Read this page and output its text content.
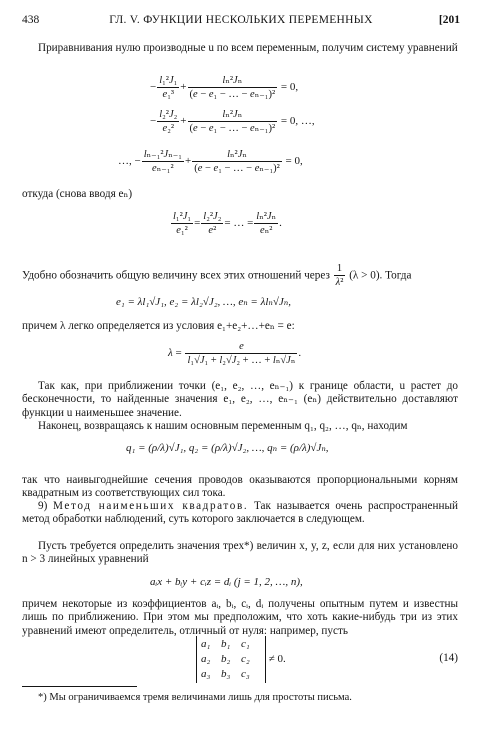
438	ГЛ. V. ФУНКЦИИ НЕСКОЛЬКИХ ПЕРЕМЕННЫХ	[201
Приравнивания нулю производные u по всем переменным, получим систему уравнений
− $\frac{\text{l₁²J₁}}{\text{e₁³}} + \frac{\text{lₙ²Jₙ}}{\text{(e − e₁ − … − eₙ₋₁)²}} = 0$,
− $\frac{\text{l₂²J₂}}{\text{e₂²}} + \frac{\text{lₙ²Jₙ}}{\text{(e − e₁ − … − eₙ₋₁)²}} = 0$, …,
…, − $\frac{\text{lₙ₋₁²Jₙ₋₁}}{\text{eₙ₋₁²}} + \frac{\text{lₙ²Jₙ}}{\text{(e − e₁ − … − eₙ₋₁)²}} = 0$,
откуда (снова вводя eₙ)
$\frac{\text{l₁²J₁}}{\text{e₁²}} = \frac{\text{l₂²J₂}}{\text{e²}}$ = … = $\frac{\text{lₙ²Jₙ}}{\text{eₙ²}}$ .
Удобно обозначить общую величину всех этих отношений через $\frac{1}{\text{λ²}} (\lambda > 0)$. Тогда
e₁ = λl₁√J₁, e₂ = λl₂√J₂, …, eₙ = λlₙ√Jₙ,
причем λ легко определяется из условия e₁+e₂+…+eₙ = e:
$\lambda = \frac{e}{\text{l₁√J₁ + l₂√J₂ + … + lₙ√Jₙ}}$ .
Так как, при приближении точки (e₁, e₂, …, eₙ₋₁) к границе области, u растет до бесконечности, то найденные значения e₁, e₂, …, eₙ₋₁ (eₙ) действительно доставляют функции u наименьшее значение.
Наконец, возвращаясь к нашим основным переменным q₁, q₂, …, qₙ, находим
q₁ = (ρ/λ)√J₁, q₂ = (ρ/λ)√J₂, …, qₙ = (ρ/λ)√Jₙ,
так что наивыгоднейшие сечения проводов оказываются пропорциональными корням квадратным из соответствующих сил тока.
9) Метод наименьших квадратов. Так называется очень распространенный метод обработки наблюдений, суть которого заключается в следующем.
Пусть требуется определить значения трех*) величин x, y, z, если для них установлено n > 3 линейных уравнений
aᵢx + bᵢy + cᵢz = dᵢ (j = 1, 2, …, n),
причем некоторые из коэффициентов aᵢ, bᵢ, cᵢ, dᵢ получены опытным путем и известны лишь по приближению. При этом мы предположим, что хоть какие-нибудь три из этих уравнений имеют определитель, отличный от нуля: например, пусть
a₁ b₁ c₁
a₂ b₂ c₂
a₃ b₃ c₃ ≠ 0.	(14)
*) Мы ограничиваемся тремя величинами лишь для простоты письма.
